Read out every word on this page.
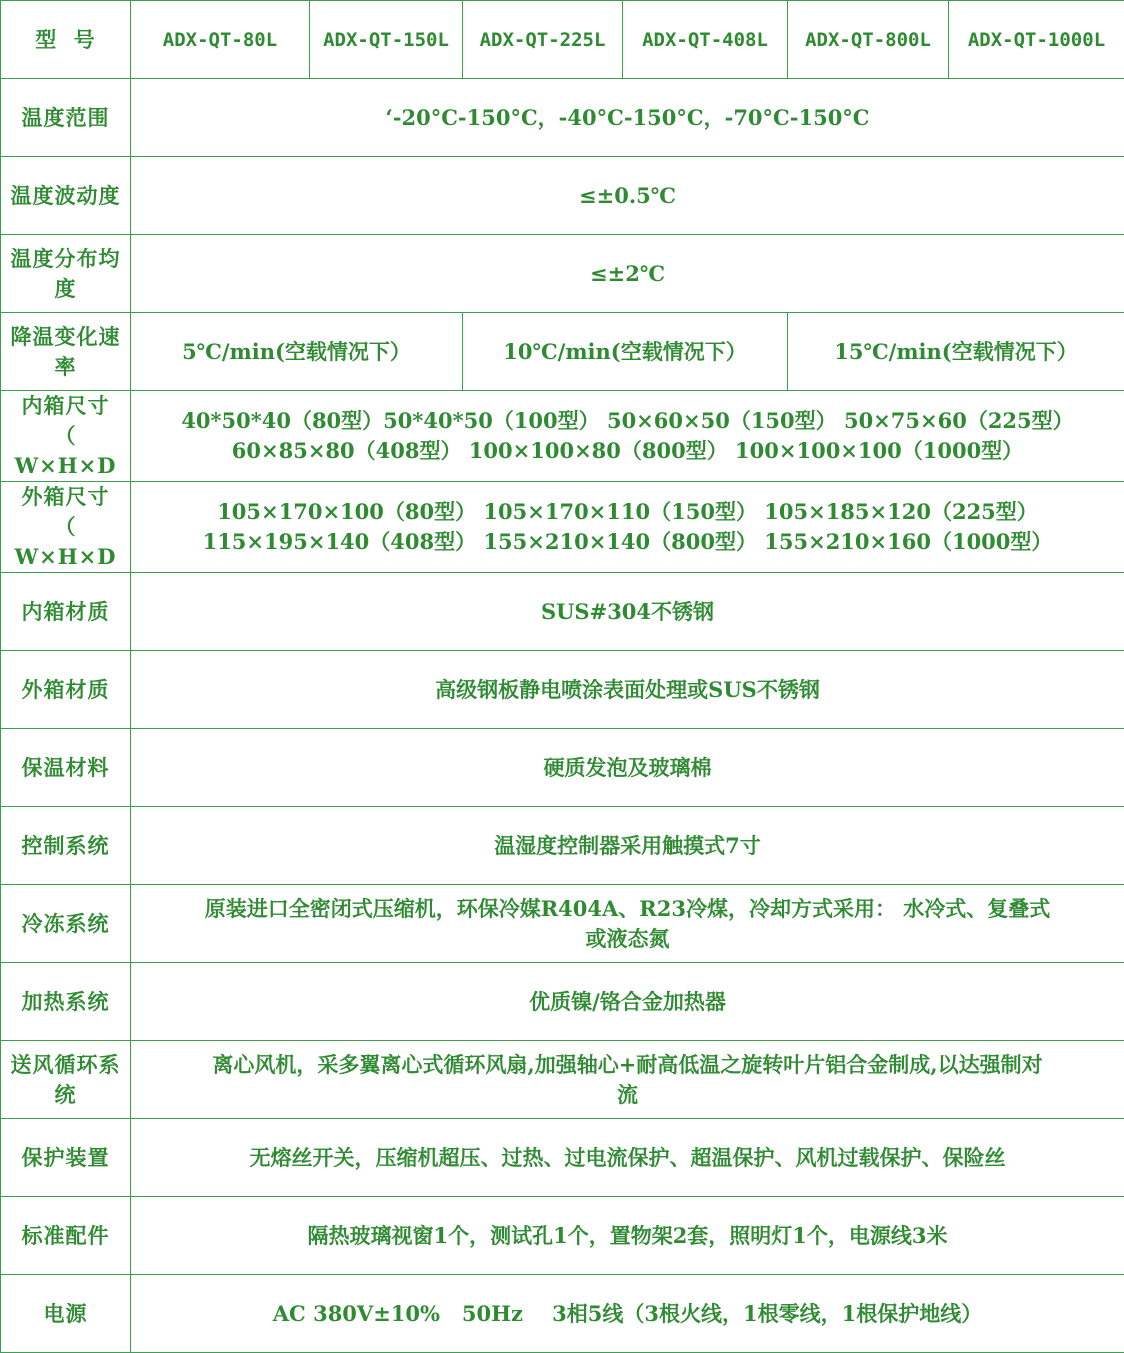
型  号	ADX-QT-80L	ADX-QT-150L	ADX-QT-225L	ADX-QT-408L	ADX-QT-800L	ADX-QT-1000L
温度范围	‘-20°C-150°C，-40°C-150°C，-70°C-150°C					
温度波动度	≤±0.5℃					
温度分布均度	≤±2℃					
降温变化速率	5℃/min(空载情况下）		10℃/min(空载情况下）		15℃/min(空载情况下）	

内箱尺寸
（
W×H×D	40*50*40（80型）50*40*50（100型） 50×60×50（150型） 50×75×60（225型）
60×85×80（408型） 100×100×80（800型） 100×100×100（1000型）					

外箱尺寸
（
W×H×D	105×170×100（80型） 105×170×110（150型） 105×185×120（225型）
115×195×140（408型） 155×210×140（800型） 155×210×160（1000型）					

内箱材质	SUS#304不锈钢					
外箱材质	高级钢板静电喷涂表面处理或SUS不锈钢					
保温材料	硬质发泡及玻璃棉					
控制系统	温湿度控制器采用触摸式7寸					
冷冻系统	原装进口全密闭式压缩机，环保冷媒R404A、R23冷煤，冷却方式采用： 水冷式、复叠式
或液态氮					

加热系统	优质镍/铬合金加热器					
送风循环系统	离心风机，采多翼离心式循环风扇,加强轴心+耐高低温之旋转叶片铝合金制成,以达强制对
流					

保护装置	无熔丝开关，压缩机超压、过热、过电流保护、超温保护、风机过载保护、保险丝					
标准配件	隔热玻璃视窗1个，测试孔1个，置物架2套，照明灯1个，电源线3米					
电源	AC 380V±10%   50Hz    3相5线（3根火线，1根零线，1根保护地线）					
